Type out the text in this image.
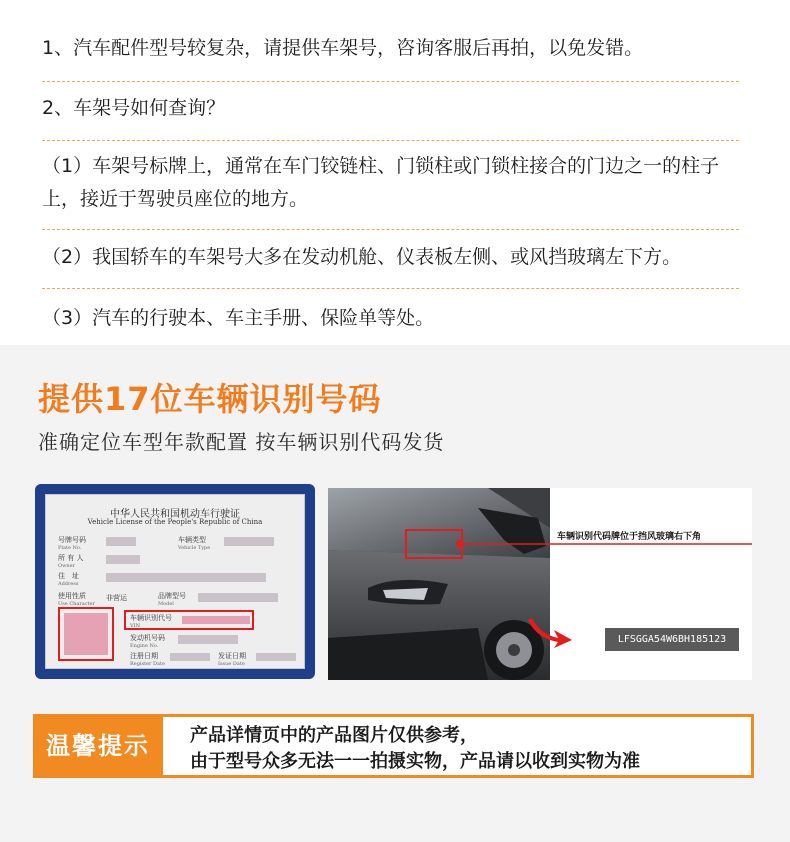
1、汽车配件型号较复杂，请提供车架号，咨询客服后再拍，以免发错。
2、车架号如何查询？
（1）车架号标牌上，通常在车门铰链柱、门锁柱或门锁柱接合的门边之一的柱子上，接近于驾驶员座位的地方。
（2）我国轿车的车架号大多在发动机舱、仪表板左侧、或风挡玻璃左下方。
（3）汽车的行驶本、车主手册、保险单等处。
提供17位车辆识别号码
准确定位车型年款配置 按车辆识别代码发货
中华人民共和国机动车行驶证
Vehicle License of the People's Republic of China
号牌号码
Plate No.
车辆类型
Vehicle Type
所 有 人
Owner
住　址
Address
使用性质
Use Character
非营运	品牌型号
Model
车辆识别代号
VIN
发动机号码
Engine No.
注册日期
Register Date
发证日期
Issue Date
车辆识别代码牌位于挡风玻璃右下角
LFSGGA54W6BH185123
温馨提示	产品详情页中的产品图片仅供参考，
由于型号众多无法一一拍摄实物，产品请以收到实物为准
